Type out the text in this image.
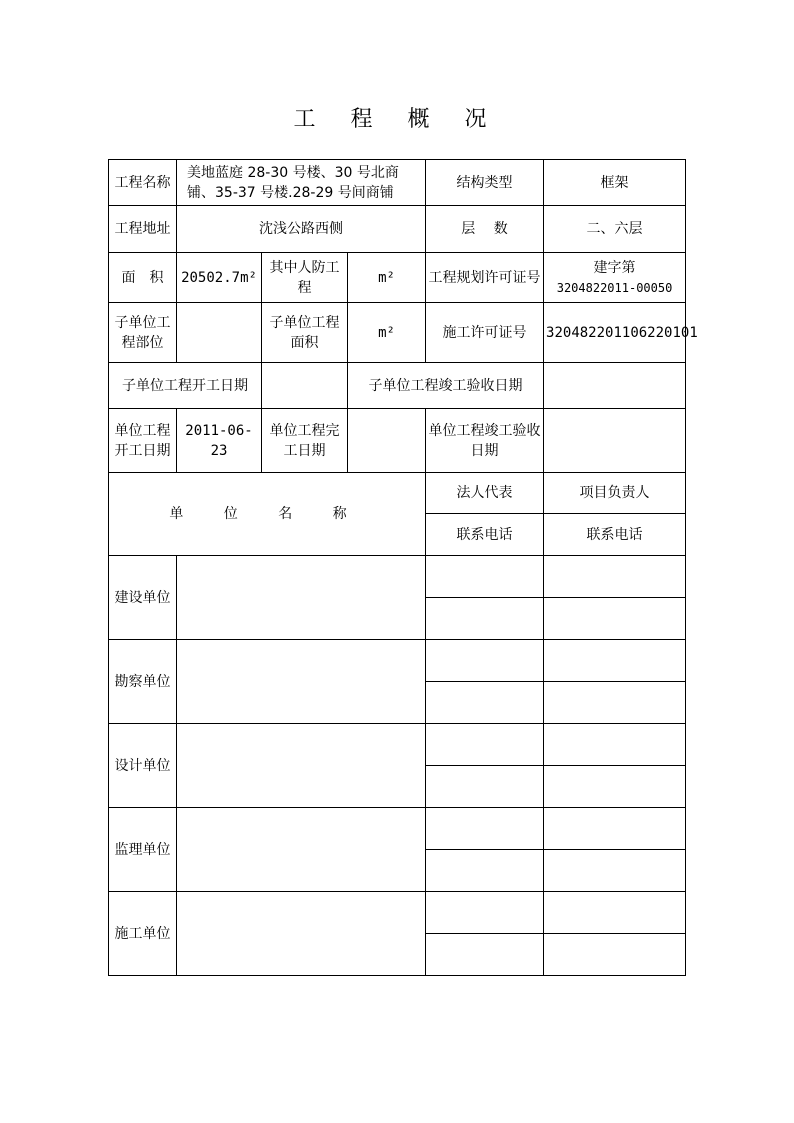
工 程 概 况
工程名称	美地蓝庭 28-30 号楼、30 号北商铺、35-37 号楼.28-29 号间商铺			结构类型	框架
工程地址	沈浅公路西侧			层　 数	二、六层
面　积	20502.7m²	其中人防工程	m²	工程规划许可证号	建字第
3204822011-00050

子单位工程部位		子单位工程面积	m²	施工许可证号	320482201106220101
子单位工程开工日期			子单位工程竣工验收日期		
单位工程开工日期	2011-06-23	单位工程完工日期		单位工程竣工验收日期	
单 位 名 称				法人代表	项目负责人
				联系电话	联系电话
建设单位					

勘察单位					

设计单位					

监理单位					

施工单位					
